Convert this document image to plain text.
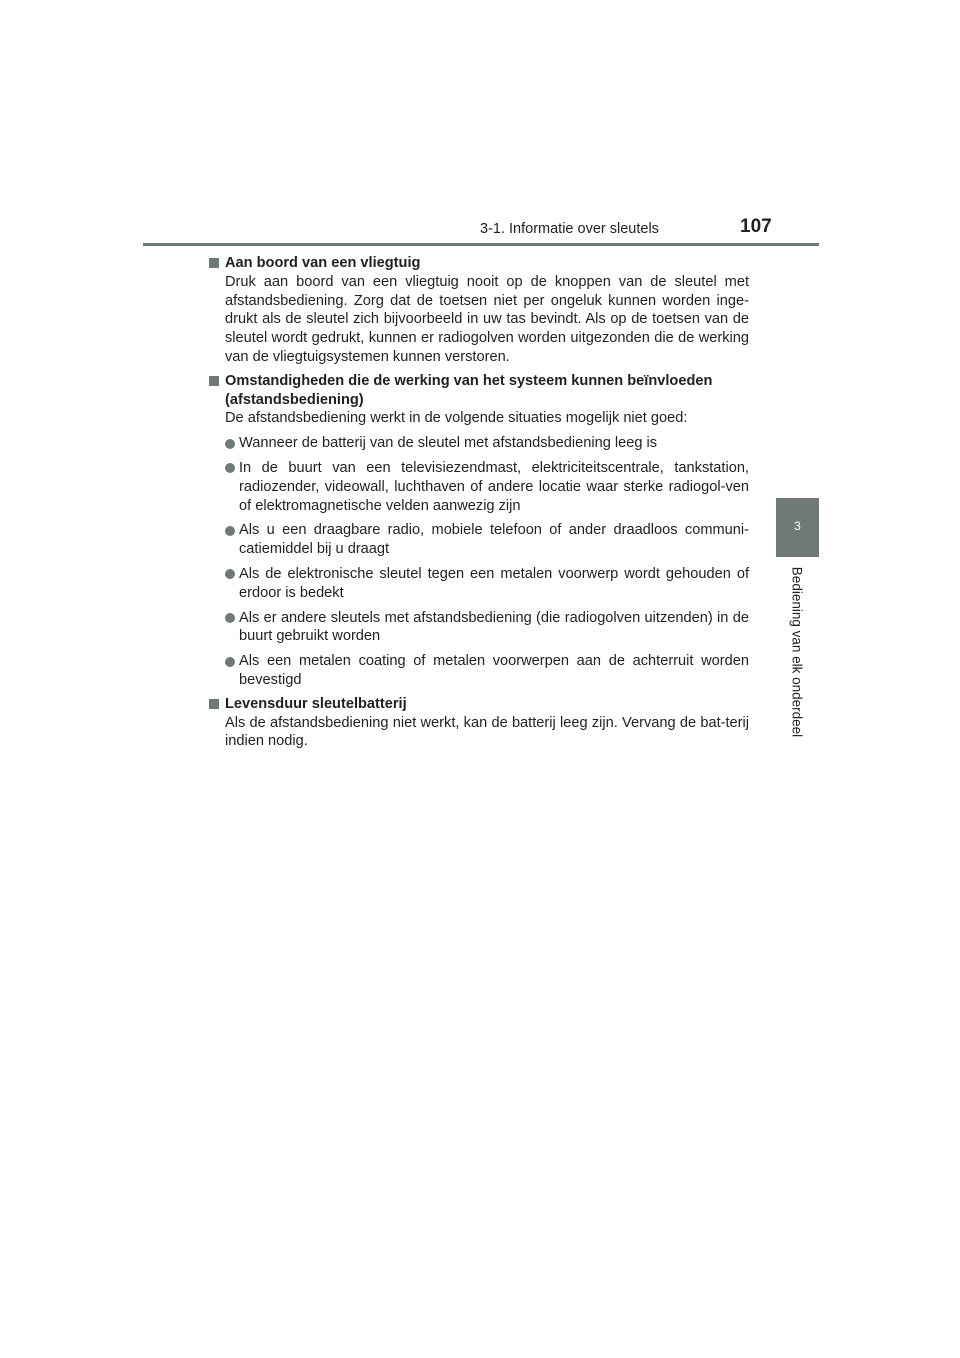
3-1. Informatie over sleutels	107
3
Bediening van elk onderdeel
Aan boord van een vliegtuig
Druk aan boord van een vliegtuig nooit op de knoppen van de sleutel met afstandsbediening. Zorg dat de toetsen niet per ongeluk kunnen worden inge-drukt als de sleutel zich bijvoorbeeld in uw tas bevindt. Als op de toetsen van de sleutel wordt gedrukt, kunnen er radiogolven worden uitgezonden die de werking van de vliegtuigsystemen kunnen verstoren.
Omstandigheden die de werking van het systeem kunnen beïnvloeden (afstandsbediening)
De afstandsbediening werkt in de volgende situaties mogelijk niet goed:
Wanneer de batterij van de sleutel met afstandsbediening leeg is
In de buurt van een televisiezendmast, elektriciteitscentrale, tankstation, radiozender, videowall, luchthaven of andere locatie waar sterke radiogol-ven of elektromagnetische velden aanwezig zijn
Als u een draagbare radio, mobiele telefoon of ander draadloos communi-catiemiddel bij u draagt
Als de elektronische sleutel tegen een metalen voorwerp wordt gehouden of erdoor is bedekt
Als er andere sleutels met afstandsbediening (die radiogolven uitzenden) in de buurt gebruikt worden
Als een metalen coating of metalen voorwerpen aan de achterruit worden bevestigd
Levensduur sleutelbatterij
Als de afstandsbediening niet werkt, kan de batterij leeg zijn. Vervang de bat-terij indien nodig.
